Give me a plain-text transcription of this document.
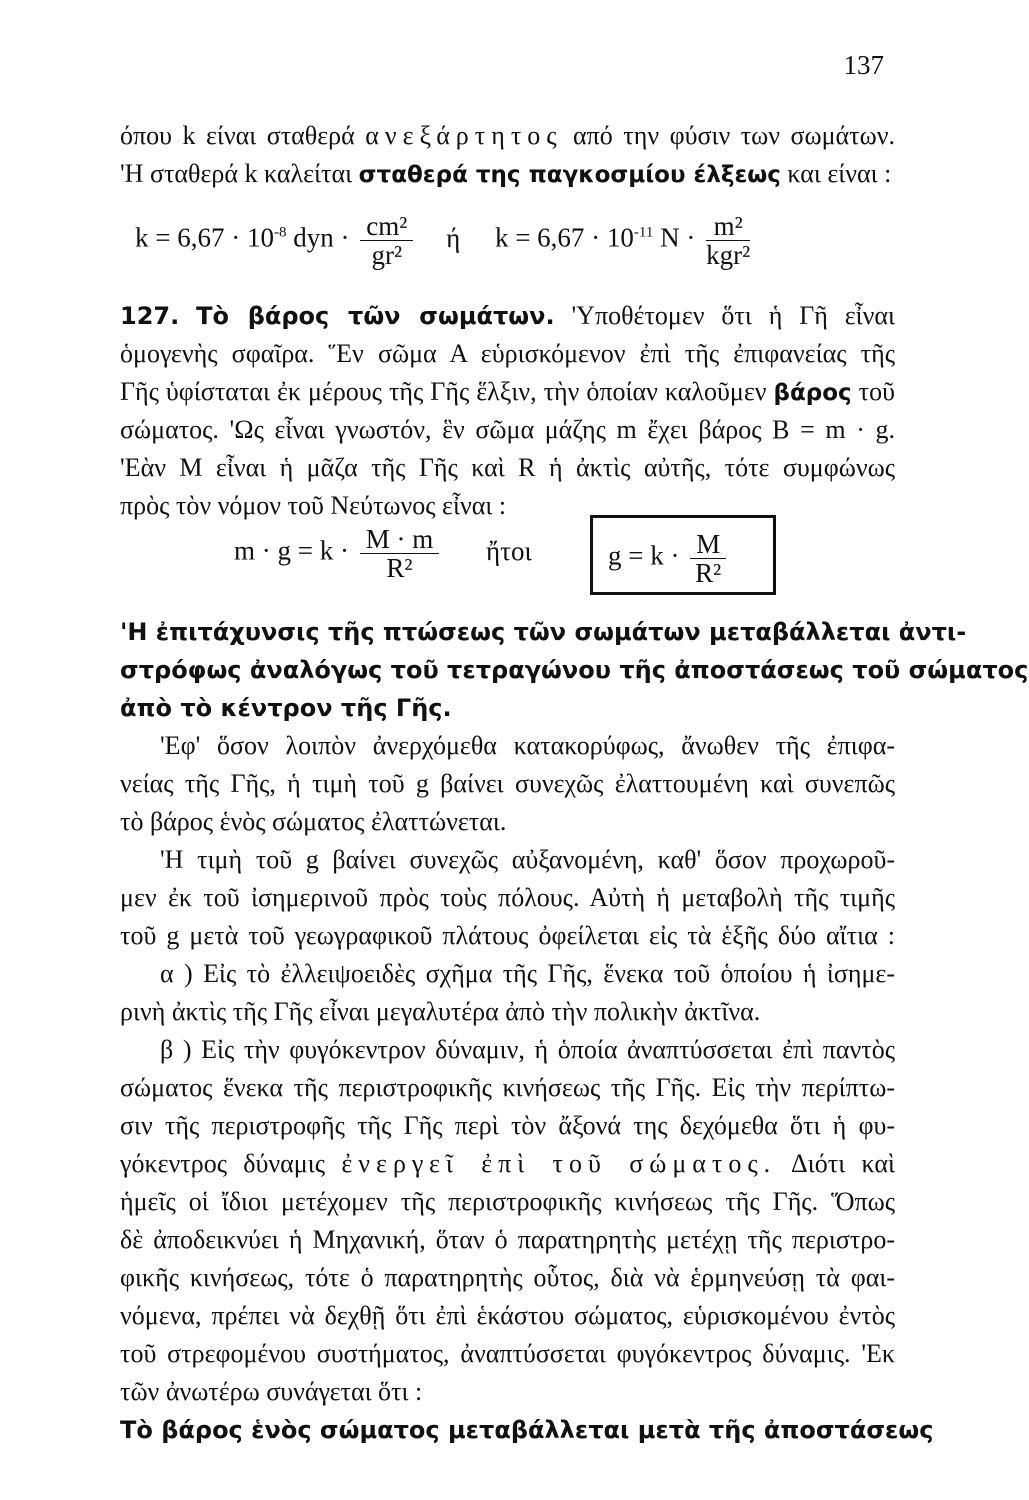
137
όπου k είναι σταθερά ανεξάρτητος από την φύσιν των σωμάτων.
'Η σταθερά k καλείται σταθερά της παγκοσμίου έλξεως και είναι :
$k = 6,67 \cdot 10^{-8}$ dyn · $\frac{\text{cm²}}{\text{gr²}}$ ή $k = 6,67 \cdot 10^{-11}$ $N \cdot \frac{\text{m²}}{\text{kgr²}}$
127. Τὸ βάρος τῶν σωμάτων. 'Υποθέτομεν ὅτι ἡ Γῆ εἶναι
ὁμογενὴς σφαῖρα. Ἕν σῶμα Α εὑρισκόμενον ἐπὶ τῆς ἐπιφανείας τῆς
Γῆς ὑφίσταται ἐκ μέρους τῆς Γῆς ἕλξιν, τὴν ὁποίαν καλοῦμεν βάρος τοῦ
σώματος. 'Ως εἶναι γνωστόν, ἓν σῶμα μάζης m ἔχει βάρος Β = m · g.
'Εὰν Μ εἶναι ἡ μᾶζα τῆς Γῆς καὶ R ἡ ἀκτὶς αὐτῆς, τότε συμφώνως
πρὸς τὸν νόμον τοῦ Νεύτωνος εἶναι :
$m \cdot g = k \cdot \frac{M \cdot m}{\text{R²}}$ ἤτοι	$g = k \cdot \frac{M}{\text{R²}}$
'Η ἐπιτάχυνσις τῆς πτώσεως τῶν σωμάτων μεταβάλλεται ἀντι-
στρόφως ἀναλόγως τοῦ τετραγώνου τῆς ἀποστάσεως τοῦ σώματος
ἀπὸ τὸ κέντρον τῆς Γῆς.
'Εφ' ὅσον λοιπὸν ἀνερχόμεθα κατακορύφως, ἄνωθεν τῆς ἐπιφα-
νείας τῆς Γῆς, ἡ τιμὴ τοῦ g βαίνει συνεχῶς ἐλαττουμένη καὶ συνεπῶς
τὸ βάρος ἑνὸς σώματος ἐλαττώνεται.
'Η τιμὴ τοῦ g βαίνει συνεχῶς αὐξανομένη, καθ' ὅσον προχωροῦ-
μεν ἐκ τοῦ ἰσημερινοῦ πρὸς τοὺς πόλους. Αὐτὴ ἡ μεταβολὴ τῆς τιμῆς
τοῦ g μετὰ τοῦ γεωγραφικοῦ πλάτους ὀφείλεται εἰς τὰ ἑξῆς δύο αἴτια :
α ) Εἰς τὸ ἐλλειψοειδὲς σχῆμα τῆς Γῆς, ἕνεκα τοῦ ὁποίου ἡ ἰσημε-
ρινὴ ἀκτὶς τῆς Γῆς εἶναι μεγαλυτέρα ἀπὸ τὴν πολικὴν ἀκτῖνα.
β ) Εἰς τὴν φυγόκεντρον δύναμιν, ἡ ὁποία ἀναπτύσσεται ἐπὶ παντὸς
σώματος ἕνεκα τῆς περιστροφικῆς κινήσεως τῆς Γῆς. Εἰς τὴν περίπτω-
σιν τῆς περιστροφῆς τῆς Γῆς περὶ τὸν ἄξονά της δεχόμεθα ὅτι ἡ φυ-
γόκεντρος δύναμις ἐνεργεῖ ἐπὶ τοῦ σώματος. Διότι καὶ
ἡμεῖς οἱ ἴδιοι μετέχομεν τῆς περιστροφικῆς κινήσεως τῆς Γῆς. Ὅπως
δὲ ἀποδεικνύει ἡ Μηχανική, ὅταν ὁ παρατηρητὴς μετέχῃ τῆς περιστρο-
φικῆς κινήσεως, τότε ὁ παρατηρητὴς οὗτος, διὰ νὰ ἑρμηνεύσῃ τὰ φαι-
νόμενα, πρέπει νὰ δεχθῇ ὅτι ἐπὶ ἑκάστου σώματος, εὑρισκομένου ἐντὸς
τοῦ στρεφομένου συστήματος, ἀναπτύσσεται φυγόκεντρος δύναμις. 'Εκ
τῶν ἀνωτέρω συνάγεται ὅτι :
Τὸ βάρος ἑνὸς σώματος μεταβάλλεται μετὰ τῆς ἀποστάσεως
